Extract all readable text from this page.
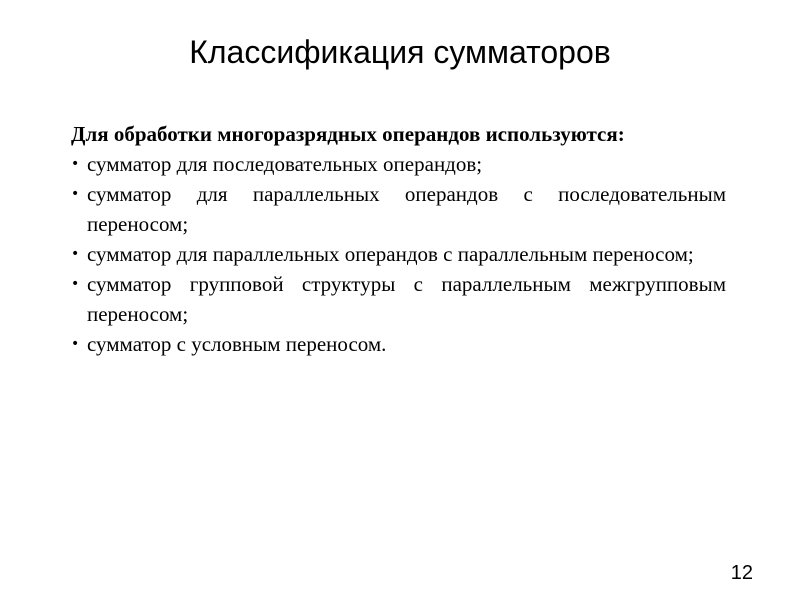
Классификация сумматоров

Для обработки многоразрядных операндов используются:

• сумматор для последовательных операндов;
• сумматор для параллельных операндов с последовательным переносом;
• сумматор для параллельных операндов с параллельным переносом;
• сумматор групповой структуры с параллельным межгрупповым переносом;
• сумматор с условным переносом.
12
